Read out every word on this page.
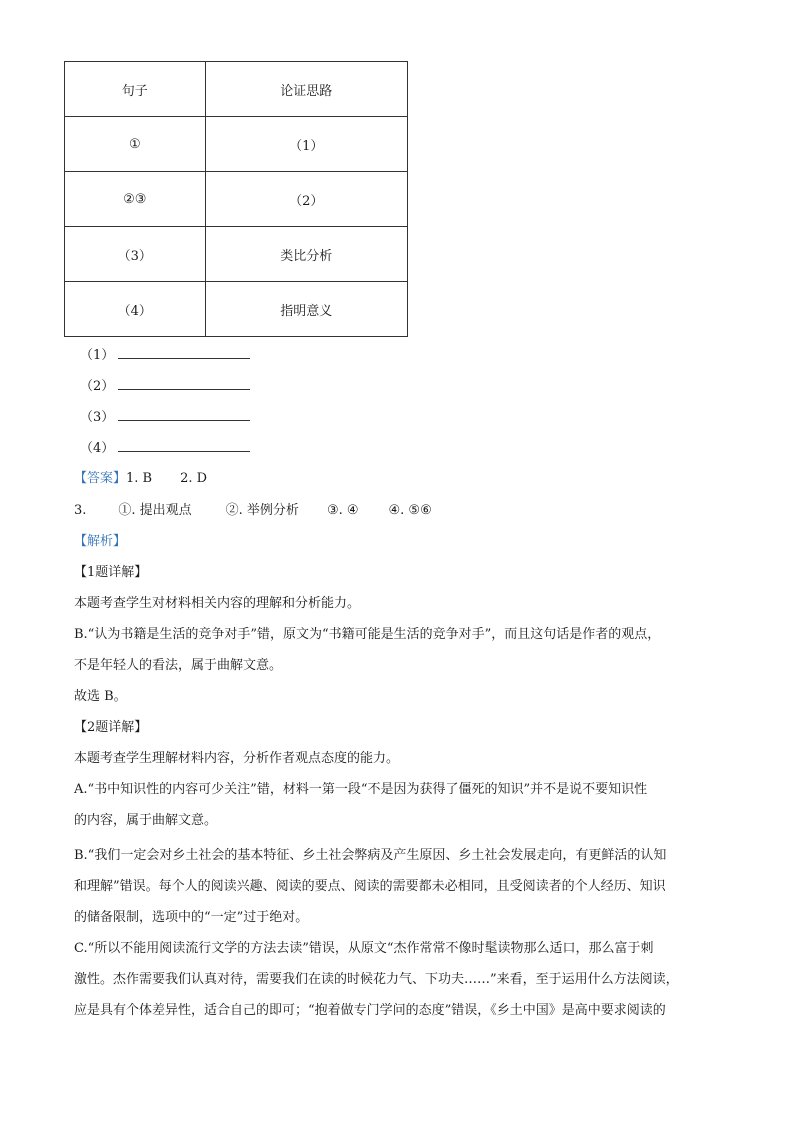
句子	论证思路
①	（1）
②③	（2）
（3）	类比分析
（4）	指明意义
（1）
（2）
（3）
（4）
【答案】1. B 2. D
3. ①. 提出观点	②. 举例分析 ③. ④ ④. ⑤⑥
【解析】
【1题详解】
本题考查学生对材料相关内容的理解和分析能力。
B.“认为书籍是生活的竞争对手”错，原文为“书籍可能是生活的竞争对手”，而且这句话是作者的观点，
不是年轻人的看法，属于曲解文意。
故选 B。
【2题详解】
本题考查学生理解材料内容，分析作者观点态度的能力。
A.“书中知识性的内容可少关注”错，材料一第一段“不是因为获得了僵死的知识”并不是说不要知识性
的内容，属于曲解文意。
B.“我们一定会对乡土社会的基本特征、乡土社会弊病及产生原因、乡土社会发展走向，有更鲜活的认知
和理解”错误。每个人的阅读兴趣、阅读的要点、阅读的需要都未必相同，且受阅读者的个人经历、知识
的储备限制，选项中的“一定”过于绝对。
C.“所以不能用阅读流行文学的方法去读”错误，从原文“杰作常常不像时髦读物那么适口，那么富于刺
激性。杰作需要我们认真对待，需要我们在读的时候花力气、下功夫……”来看，至于运用什么方法阅读，
应是具有个体差异性，适合自己的即可；“抱着做专门学问的态度”错误，《乡土中国》是高中要求阅读的
